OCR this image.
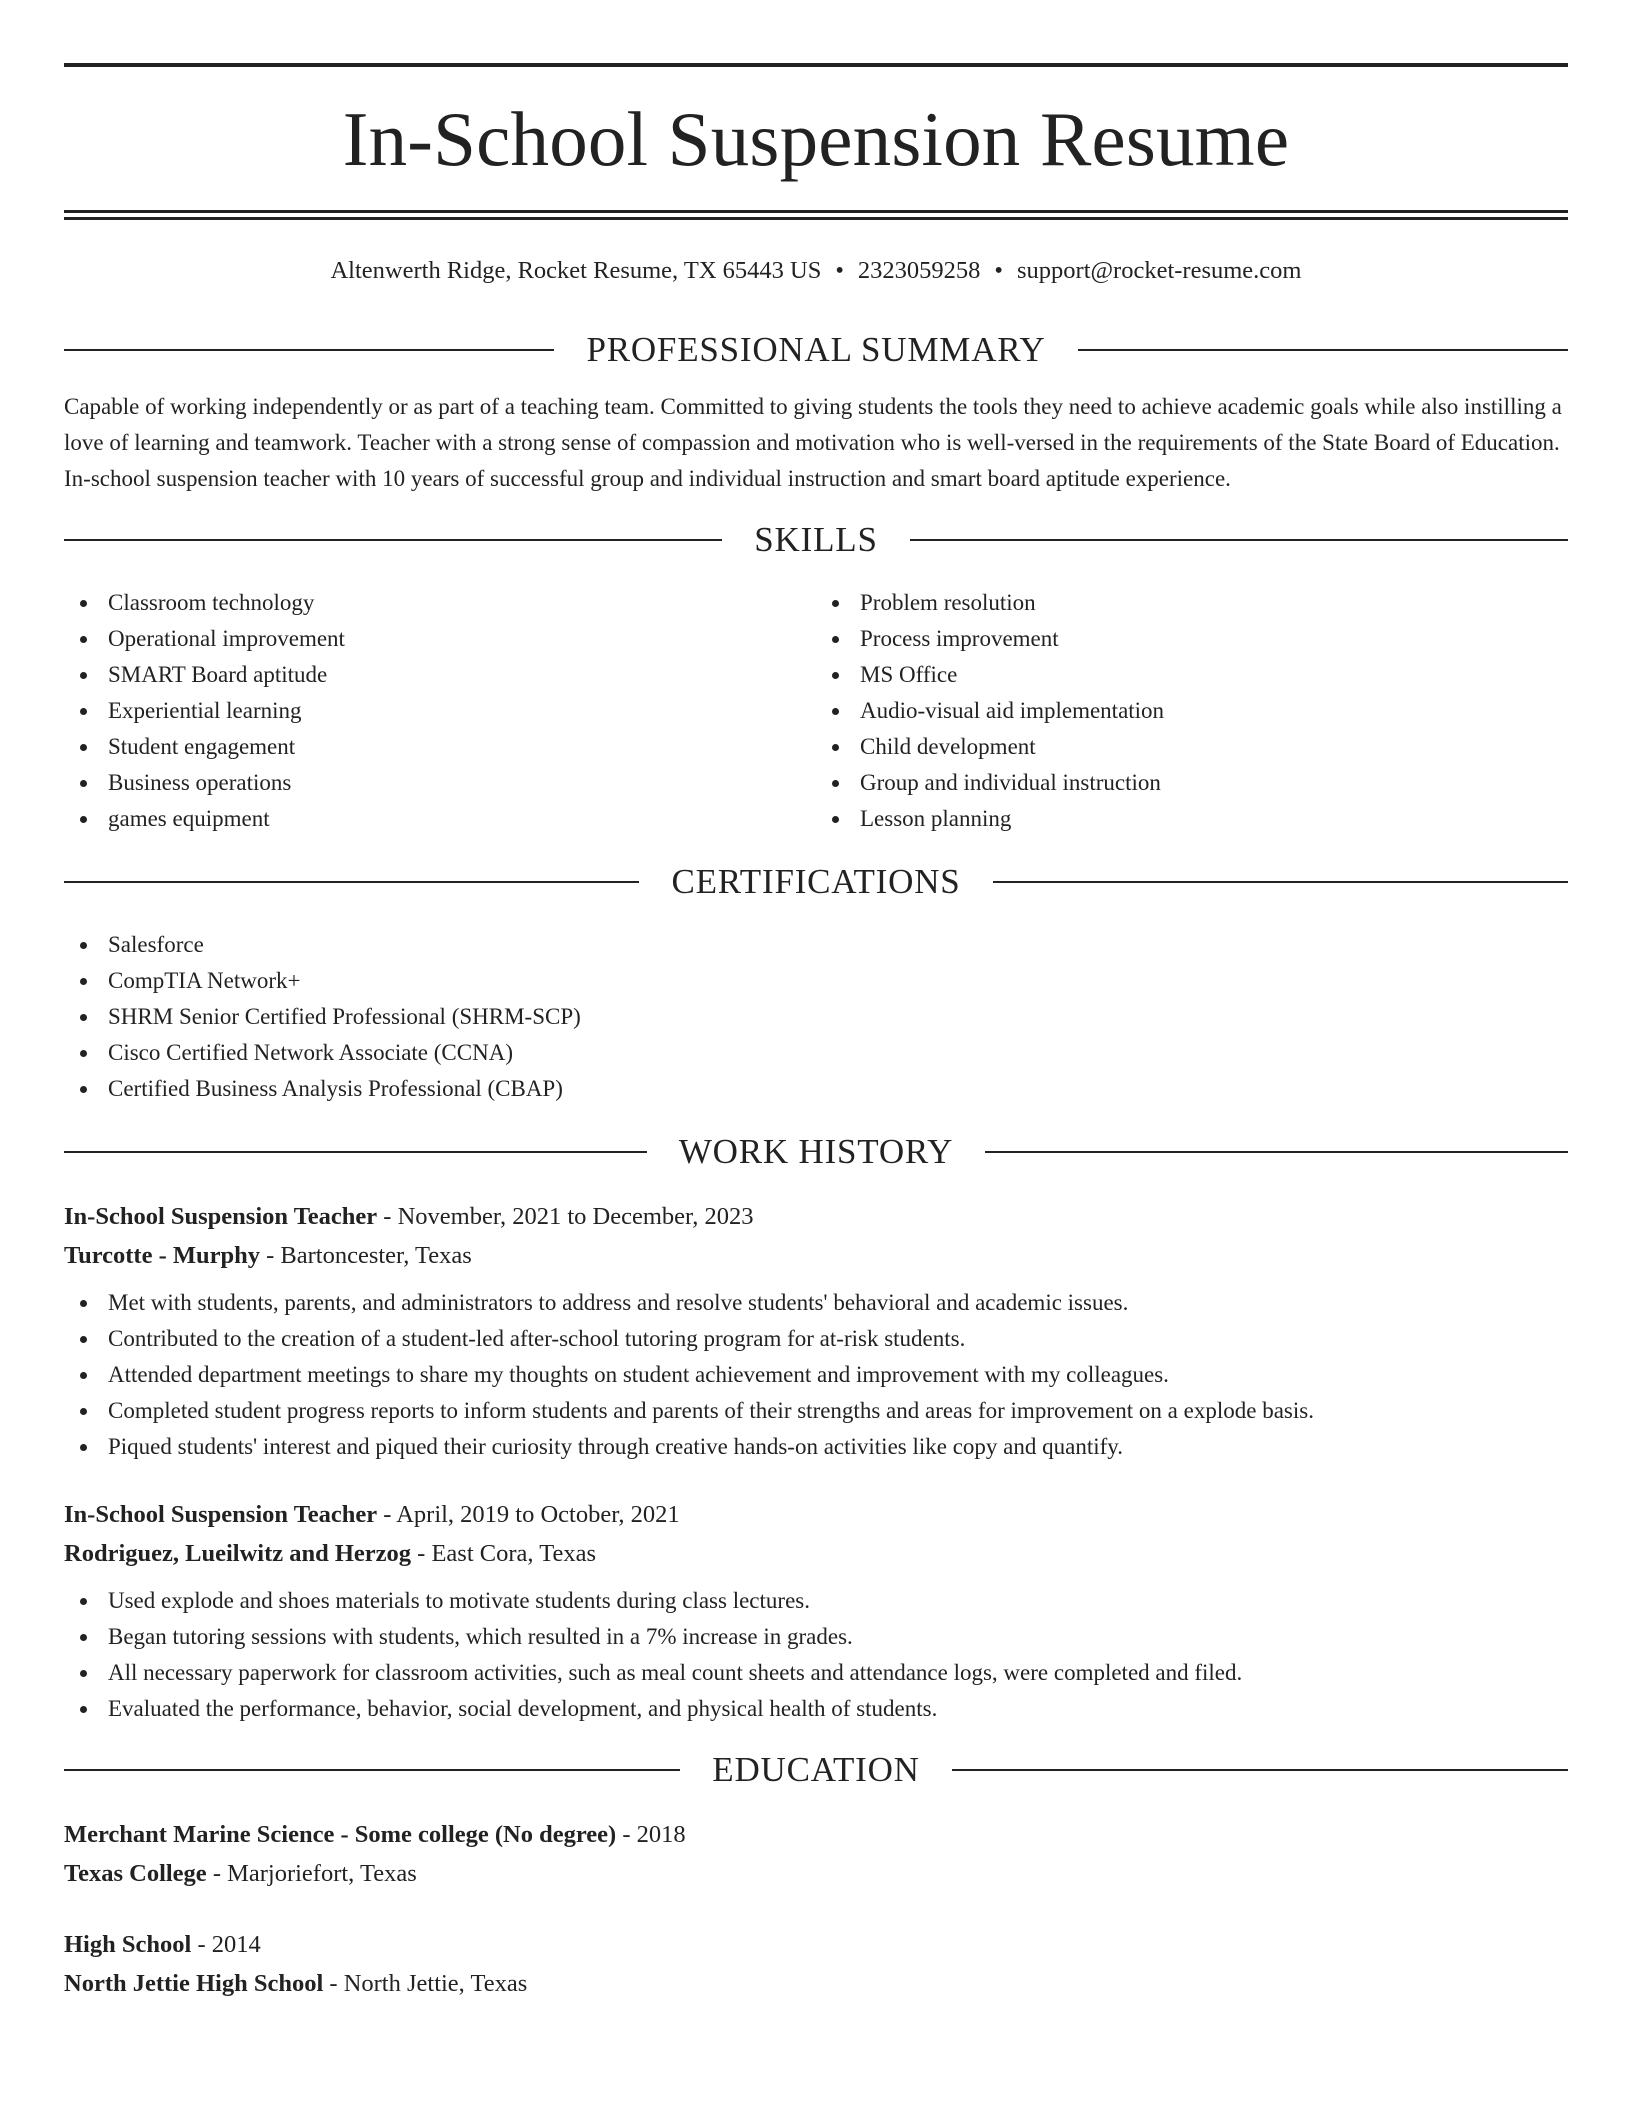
In-School Suspension Resume
Altenwerth Ridge, Rocket Resume, TX 65443 US • 2323059258 • support@rocket-resume.com
PROFESSIONAL SUMMARY
Capable of working independently or as part of a teaching team. Committed to giving students the tools they need to achieve academic goals while also instilling a love of learning and teamwork. Teacher with a strong sense of compassion and motivation who is well-versed in the requirements of the State Board of Education. In-school suspension teacher with 10 years of successful group and individual instruction and smart board aptitude experience.
SKILLS
Classroom technology
Operational improvement
SMART Board aptitude
Experiential learning
Student engagement
Business operations
games equipment
Problem resolution
Process improvement
MS Office
Audio-visual aid implementation
Child development
Group and individual instruction
Lesson planning
CERTIFICATIONS
Salesforce
CompTIA Network+
SHRM Senior Certified Professional (SHRM-SCP)
Cisco Certified Network Associate (CCNA)
Certified Business Analysis Professional (CBAP)
WORK HISTORY
In-School Suspension Teacher - November, 2021 to December, 2023
Turcotte - Murphy - Bartoncester, Texas
Met with students, parents, and administrators to address and resolve students' behavioral and academic issues.
Contributed to the creation of a student-led after-school tutoring program for at-risk students.
Attended department meetings to share my thoughts on student achievement and improvement with my colleagues.
Completed student progress reports to inform students and parents of their strengths and areas for improvement on a explode basis.
Piqued students' interest and piqued their curiosity through creative hands-on activities like copy and quantify.
In-School Suspension Teacher - April, 2019 to October, 2021
Rodriguez, Lueilwitz and Herzog - East Cora, Texas
Used explode and shoes materials to motivate students during class lectures.
Began tutoring sessions with students, which resulted in a 7% increase in grades.
All necessary paperwork for classroom activities, such as meal count sheets and attendance logs, were completed and filed.
Evaluated the performance, behavior, social development, and physical health of students.
EDUCATION
Merchant Marine Science - Some college (No degree) - 2018
Texas College - Marjoriefort, Texas
High School - 2014
North Jettie High School - North Jettie, Texas
